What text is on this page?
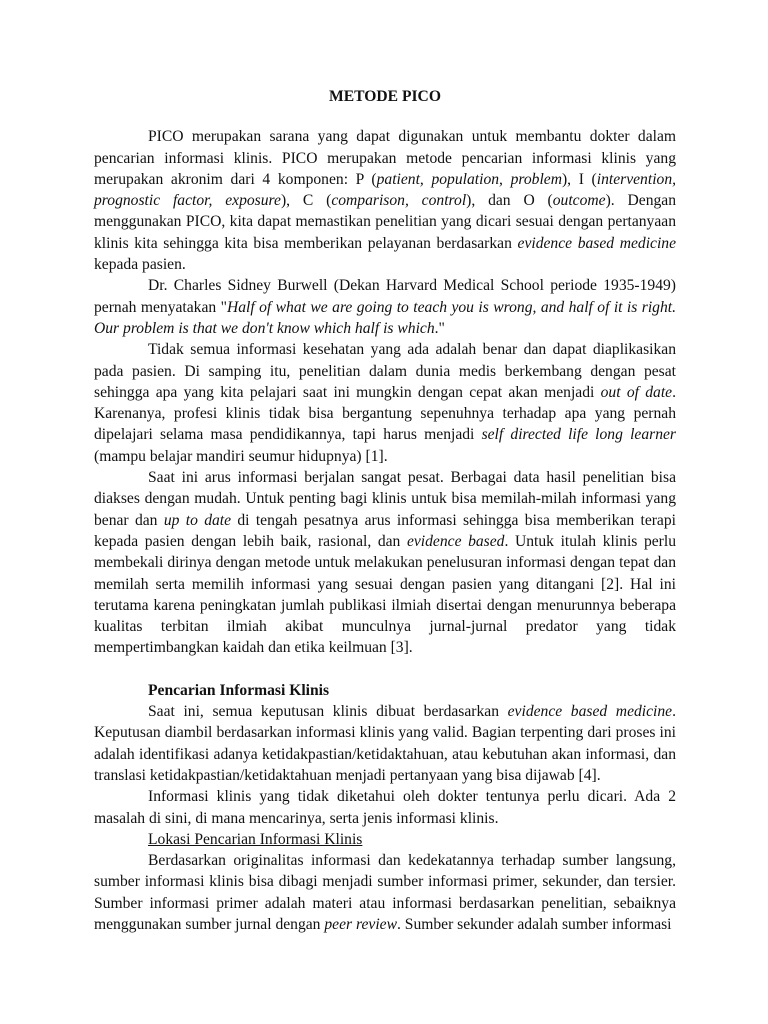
METODE PICO

PICO merupakan sarana yang dapat digunakan untuk membantu dokter dalam pencarian informasi klinis. PICO merupakan metode pencarian informasi klinis yang merupakan akronim dari 4 komponen: P (patient, population, problem), I (intervention, prognostic factor, exposure), C (comparison, control), dan O (outcome). Dengan menggunakan PICO, kita dapat memastikan penelitian yang dicari sesuai dengan pertanyaan klinis kita sehingga kita bisa memberikan pelayanan berdasarkan evidence based medicine kepada pasien.

Dr. Charles Sidney Burwell (Dekan Harvard Medical School periode 1935-1949) pernah menyatakan "Half of what we are going to teach you is wrong, and half of it is right. Our problem is that we don't know which half is which."

Tidak semua informasi kesehatan yang ada adalah benar dan dapat diaplikasikan pada pasien. Di samping itu, penelitian dalam dunia medis berkembang dengan pesat sehingga apa yang kita pelajari saat ini mungkin dengan cepat akan menjadi out of date. Karenanya, profesi klinis tidak bisa bergantung sepenuhnya terhadap apa yang pernah dipelajari selama masa pendidikannya, tapi harus menjadi self directed life long learner (mampu belajar mandiri seumur hidupnya) [1].

Saat ini arus informasi berjalan sangat pesat. Berbagai data hasil penelitian bisa diakses dengan mudah. Untuk penting bagi klinis untuk bisa memilah-milah informasi yang benar dan up to date di tengah pesatnya arus informasi sehingga bisa memberikan terapi kepada pasien dengan lebih baik, rasional, dan evidence based. Untuk itulah klinis perlu membekali dirinya dengan metode untuk melakukan penelusuran informasi dengan tepat dan memilah serta memilih informasi yang sesuai dengan pasien yang ditangani [2]. Hal ini terutama karena peningkatan jumlah publikasi ilmiah disertai dengan menurunnya beberapa kualitas terbitan ilmiah akibat munculnya jurnal-jurnal predator yang tidak mempertimbangkan kaidah dan etika keilmuan [3].

Pencarian Informasi Klinis

Saat ini, semua keputusan klinis dibuat berdasarkan evidence based medicine. Keputusan diambil berdasarkan informasi klinis yang valid. Bagian terpenting dari proses ini adalah identifikasi adanya ketidakpastian/ketidaktahuan, atau kebutuhan akan informasi, dan translasi ketidakpastian/ketidaktahuan menjadi pertanyaan yang bisa dijawab [4].

Informasi klinis yang tidak diketahui oleh dokter tentunya perlu dicari. Ada 2 masalah di sini, di mana mencarinya, serta jenis informasi klinis.

Lokasi Pencarian Informasi Klinis

Berdasarkan originalitas informasi dan kedekatannya terhadap sumber langsung, sumber informasi klinis bisa dibagi menjadi sumber informasi primer, sekunder, dan tersier. Sumber informasi primer adalah materi atau informasi berdasarkan penelitian, sebaiknya menggunakan sumber jurnal dengan peer review. Sumber sekunder adalah sumber informasi
